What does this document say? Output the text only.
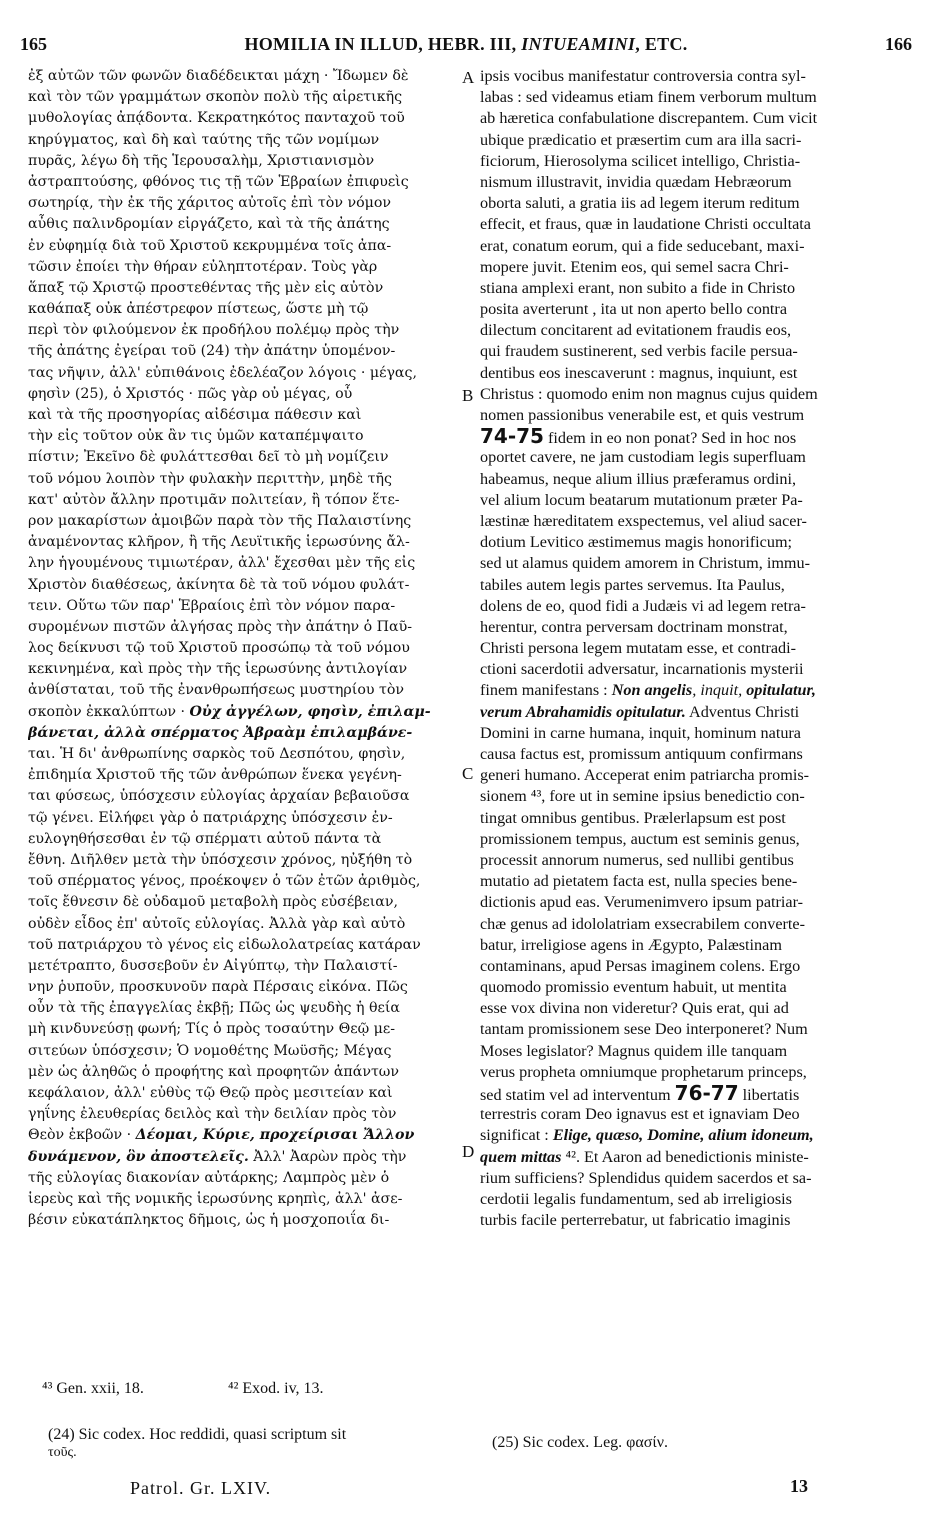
165	HOMILIA IN ILLUD, HEBR. III, INTUEAMINI, ETC.	166
ἐξ αὐτῶν τῶν φωνῶν διαδέδεικται μάχη · Ἴδωμεν δὲ
καὶ τὸν τῶν γραμμάτων σκοπὸν πολὺ τῆς αἱρετικῆς
μυθολογίας ἀπᾴδοντα. Κεκρατηκότος πανταχοῦ τοῦ
κηρύγματος, καὶ δὴ καὶ ταύτης τῆς τῶν νομίμων
πυρᾶς, λέγω δὴ τῆς Ἱερουσαλὴμ, Χριστιανισμὸν
ἀστραπτούσης, φθόνος τις τῇ τῶν Ἑβραίων ἐπιφυεὶς
σωτηρίᾳ, τὴν ἐκ τῆς χάριτος αὐτοῖς ἐπὶ τὸν νόμον
αὖθις παλινδρομίαν εἰργάζετο, καὶ τὰ τῆς ἀπάτης
ἐν εὐφημίᾳ διὰ τοῦ Χριστοῦ κεκρυμμένα τοῖς ἀπα-
τῶσιν ἐποίει τὴν θήραν εὐληπτοτέραν. Τοὺς γὰρ
ἅπαξ τῷ Χριστῷ προστεθέντας τῆς μὲν εἰς αὐτὸν
καθάπαξ οὐκ ἀπέστρεφον πίστεως, ὥστε μὴ τῷ
περὶ τὸν φιλούμενον ἐκ προδήλου πολέμῳ πρὸς τὴν
τῆς ἀπάτης ἐγείραι τοῦ (24) τὴν ἀπάτην ὑπομένον-
τας νῆψιν, ἀλλ' εὐπιθάνοις ἐδελέαζον λόγοις · μέγας,
φησὶν (25), ὁ Χριστός · πῶς γὰρ οὐ μέγας, οὗ
καὶ τὰ τῆς προσηγορίας αἰδέσιμα πάθεσιν καὶ
τὴν εἰς τοῦτον οὐκ ἂν τις ὑμῶν καταπέμψαιτο
πίστιν; Ἐκεῖνο δὲ φυλάττεσθαι δεῖ τὸ μὴ νομίζειν
τοῦ νόμου λοιπὸν τὴν φυλακὴν περιττὴν, μηδὲ τῆς
κατ' αὐτὸν ἄλλην προτιμᾶν πολιτείαν, ἢ τόπον ἕτε-
ρον μακαρίστων ἀμοιβῶν παρὰ τὸν τῆς Παλαιστίνης
ἀναμένοντας κλῆρον, ἢ τῆς Λευϊτικῆς ἱερωσύνης ἄλ-
λην ἡγουμένους τιμιωτέραν, ἀλλ' ἔχεσθαι μὲν τῆς εἰς
Χριστὸν διαθέσεως, ἀκίνητα δὲ τὰ τοῦ νόμου φυλάτ-
τειν. Οὕτω τῶν παρ' Ἑβραίοις ἐπὶ τὸν νόμον παρα-
συρομένων πιστῶν ἀλγήσας πρὸς τὴν ἀπάτην ὁ Παῦ-
λος δείκνυσι τῷ τοῦ Χριστοῦ προσώπῳ τὰ τοῦ νόμου
κεκινημένα, καὶ πρὸς τὴν τῆς ἱερωσύνης ἀντιλογίαν
ἀνθίσταται, τοῦ τῆς ἐνανθρωπήσεως μυστηρίου τὸν
σκοπὸν ἐκκαλύπτων · Οὐχ ἀγγέλων, φησὶν, ἐπιλαμ-
βάνεται, ἀλλὰ σπέρματος Ἀβραὰμ ἐπιλαμβάνε-
ται. Ἡ δι' ἀνθρωπίνης σαρκὸς τοῦ Δεσπότου, φησὶν,
ἐπιδημία Χριστοῦ τῆς τῶν ἀνθρώπων ἕνεκα γεγένη-
ται φύσεως, ὑπόσχεσιν εὐλογίας ἀρχαίαν βεβαιοῦσα
τῷ γένει. Εἰλήφει γὰρ ὁ πατριάρχης ὑπόσχεσιν ἐν-
ευλογηθήσεσθαι ἐν τῷ σπέρματι αὐτοῦ πάντα τὰ
ἔθνη. Διῆλθεν μετὰ τὴν ὑπόσχεσιν χρόνος, ηὐξήθη τὸ
τοῦ σπέρματος γένος, προέκοψεν ὁ τῶν ἐτῶν ἀριθμὸς,
τοῖς ἔθνεσιν δὲ οὐδαμοῦ μεταβολὴ πρὸς εὐσέβειαν,
οὐδὲν εἶδος ἐπ' αὐτοῖς εὐλογίας. Ἀλλὰ γὰρ καὶ αὐτὸ
τοῦ πατριάρχου τὸ γένος εἰς εἰδωλολατρείας κατάραν
μετέτραπτο, δυσσεβοῦν ἐν Αἰγύπτῳ, τὴν Παλαιστί-
νην ῥυποῦν, προσκυνοῦν παρὰ Πέρσαις εἰκόνα. Πῶς
οὖν τὰ τῆς ἐπαγγελίας ἐκβῇ; Πῶς ὡς ψευδὴς ἡ θεία
μὴ κινδυνεύσῃ φωνή; Τίς ὁ πρὸς τοσαύτην Θεῷ με-
σιτεύων ὑπόσχεσιν; Ὁ νομοθέτης Μωϋσῆς; Μέγας
μὲν ὡς ἀληθῶς ὁ προφήτης καὶ προφητῶν ἁπάντων
κεφάλαιον, ἀλλ' εὐθὺς τῷ Θεῷ πρὸς μεσιτείαν καὶ
γηΐνης ἐλευθερίας δειλὸς καὶ τὴν δειλίαν πρὸς τὸν
Θεὸν ἐκβοῶν · Δέομαι, Κύριε, προχείρισαι Ἄλλον
δυνάμενον, ὃν ἀποστελεῖς. Ἀλλ' Ἀαρὼν πρὸς τὴν
τῆς εὐλογίας διακονίαν αὐτάρκης; Λαμπρὸς μὲν ὁ
ἱερεὺς καὶ τῆς νομικῆς ἱερωσύνης κρηπὶς, ἀλλ' ἀσε-
βέσιν εὐκατάπληκτος δῆμοις, ὡς ἡ μοσχοποιΐα δι-
A
B
C
D
ipsis vocibus manifestatur controversia contra syl-
labas : sed videamus etiam finem verborum multum
ab hæretica confabulatione discrepantem. Cum vicit
ubique prædicatio et præsertim cum ara illa sacri-
ficiorum, Hierosolyma scilicet intelligo, Christia-
nismum illustravit, invidia quædam Hebræorum
oborta saluti, a gratia iis ad legem iterum reditum
effecit, et fraus, quæ in laudatione Christi occultata
erat, conatum eorum, qui a fide seducebant, maxi-
mopere juvit. Etenim eos, qui semel sacra Chri-
stiana amplexi erant, non subito a fide in Christo
posita averterunt , ita ut non aperto bello contra
dilectum concitarent ad evitationem fraudis eos,
qui fraudem sustinerent, sed verbis facile persua-
dentibus eos inescaverunt : magnus, inquiunt, est
Christus : quomodo enim non magnus cujus quidem
nomen passionibus venerabile est, et quis vestrum
74-75 fidem in eo non ponat? Sed in hoc nos
oportet cavere, ne jam custodiam legis superfluam
habeamus, neque alium illius præferamus ordini,
vel alium locum beatarum mutationum præter Pa-
læstinæ hæreditatem exspectemus, vel aliud sacer-
dotium Levitico æstimemus magis honorificum;
sed ut alamus quidem amorem in Christum, immu-
tabiles autem legis partes servemus. Ita Paulus,
dolens de eo, quod fidi a Judæis vi ad legem retra-
herentur, contra perversam doctrinam monstrat,
Christi persona legem mutatam esse, et contradi-
ctioni sacerdotii adversatur, incarnationis mysterii
finem manifestans : Non angelis, inquit, opitulatur,
verum Abrahamidis opitulatur. Adventus Christi
Domini in carne humana, inquit, hominum natura
causa factus est, promissum antiquum confirmans
generi humano. Acceperat enim patriarcha promis-
sionem ⁴³, fore ut in semine ipsius benedictio con-
tingat omnibus gentibus. Prælerlapsum est post
promissionem tempus, auctum est seminis genus,
processit annorum numerus, sed nullibi gentibus
mutatio ad pietatem facta est, nulla species bene-
dictionis apud eas. Verumenimvero ipsum patriar-
chæ genus ad idololatriam exsecrabilem converte-
batur, irreligiose agens in Ægypto, Palæstinam
contaminans, apud Persas imaginem colens. Ergo
quomodo promissio eventum habuit, ut mentita
esse vox divina non videretur? Quis erat, qui ad
tantam promissionem sese Deo interponeret? Num
Moses legislator? Magnus quidem ille tanquam
verus propheta omniumque prophetarum princeps,
sed statim vel ad interventum 76-77 libertatis
terrestris coram Deo ignavus est et ignaviam Deo
significat : Elige, quæso, Domine, alium idoneum,
quem mittas ⁴². Et Aaron ad benedictionis ministe-
rium sufficiens? Splendidus quidem sacerdos et sa-
cerdotii legalis fundamentum, sed ab irreligiosis
turbis facile perterrebatur, ut fabricatio imaginis
⁴³ Gen. xxii, 18.	⁴² Exod. iv, 13.
(24) Sic codex. Hoc reddidi, quasi scriptum sit
τοῦς.
(25) Sic codex. Leg. φασίν.
Patrol. Gr. LXIV.	13
